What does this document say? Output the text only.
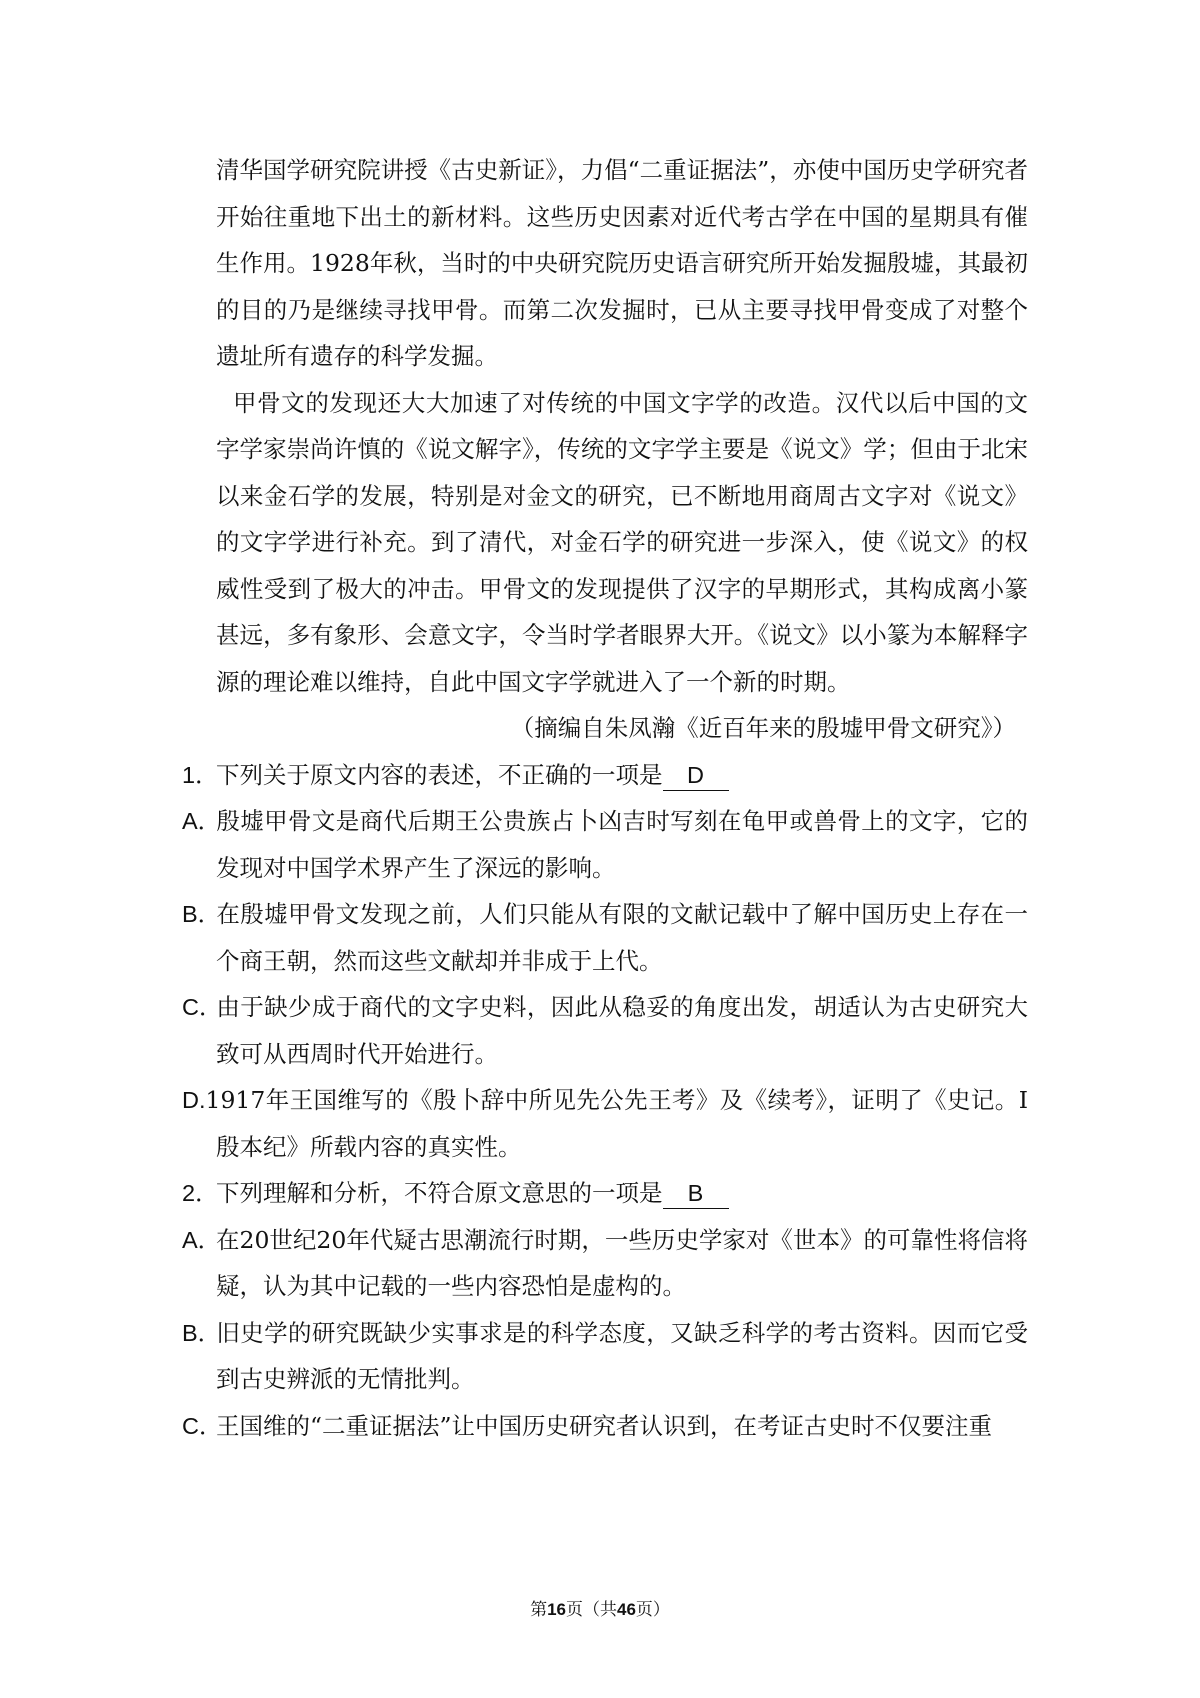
清华国学研究院讲授《古史新证》，力倡“二重证据法”，亦使中国历史学研究者开始往重地下出土的新材料。这些历史因素对近代考古学在中国的星期具有催生作用。1928年秋，当时的中央研究院历史语言研究所开始发掘殷墟，其最初的目的乃是继续寻找甲骨。而第二次发掘时，已从主要寻找甲骨变成了对整个遗址所有遗存的科学发掘。

甲骨文的发现还大大加速了对传统的中国文字学的改造。汉代以后中国的文字学家崇尚许慎的《说文解字》，传统的文字学主要是《说文》学；但由于北宋以来金石学的发展，特别是对金文的研究，已不断地用商周古文字对《说文》的文字学进行补充。到了清代，对金石学的研究进一步深入，使《说文》的权威性受到了极大的冲击。甲骨文的发现提供了汉字的早期形式，其构成离小篆甚远，多有象形、会意文字，令当时学者眼界大开。《说文》以小篆为本解释字源的理论难以维持，自此中国文字学就进入了一个新的时期。

（摘编自朱凤瀚《近百年来的殷墟甲骨文研究》）

1．下列关于原文内容的表述，不正确的一项是 D

A．殷墟甲骨文是商代后期王公贵族占卜凶吉时写刻在龟甲或兽骨上的文字，它的发现对中国学术界产生了深远的影响。

B．在殷墟甲骨文发现之前，人们只能从有限的文献记载中了解中国历史上存在一个商王朝，然而这些文献却并非成于上代。

C．由于缺少成于商代的文字史料，因此从稳妥的角度出发，胡适认为古史研究大致可从西周时代开始进行。

D.1917年王国维写的《殷卜辞中所见先公先王考》及《续考》，证明了《史记。I殷本纪》所载内容的真实性。

2．下列理解和分析，不符合原文意思的一项是 B

A．在20世纪20年代疑古思潮流行时期，一些历史学家对《世本》的可靠性将信将疑，认为其中记载的一些内容恐怕是虚构的。

B．旧史学的研究既缺少实事求是的科学态度，又缺乏科学的考古资料。因而它受到古史辨派的无情批判。

C．王国维的“二重证据法”让中国历史研究者认识到，在考证古史时不仅要注重

第16页（共46页）
